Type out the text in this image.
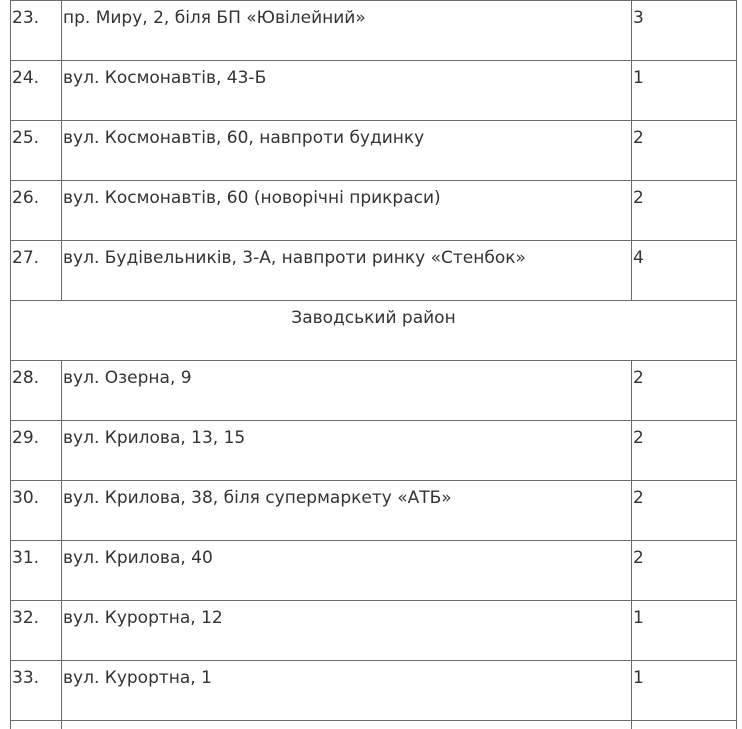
23.	пр. Миру, 2, біля БП «Ювілейний»	3
24.	вул. Космонавтів, 43-Б	1
25.	вул. Космонавтів, 60, навпроти будинку	2
26.	вул. Космонавтів, 60 (новорічні прикраси)	2
27.	вул. Будівельників, 3-А, навпроти ринку «Стенбок»	4
Заводський район
28.	вул. Озерна, 9	2
29.	вул. Крилова, 13, 15	2
30.	вул. Крилова, 38, біля супермаркету «АТБ»	2
31.	вул. Крилова, 40	2
32.	вул. Курортна, 12	1
33.	вул. Курортна, 1	1
